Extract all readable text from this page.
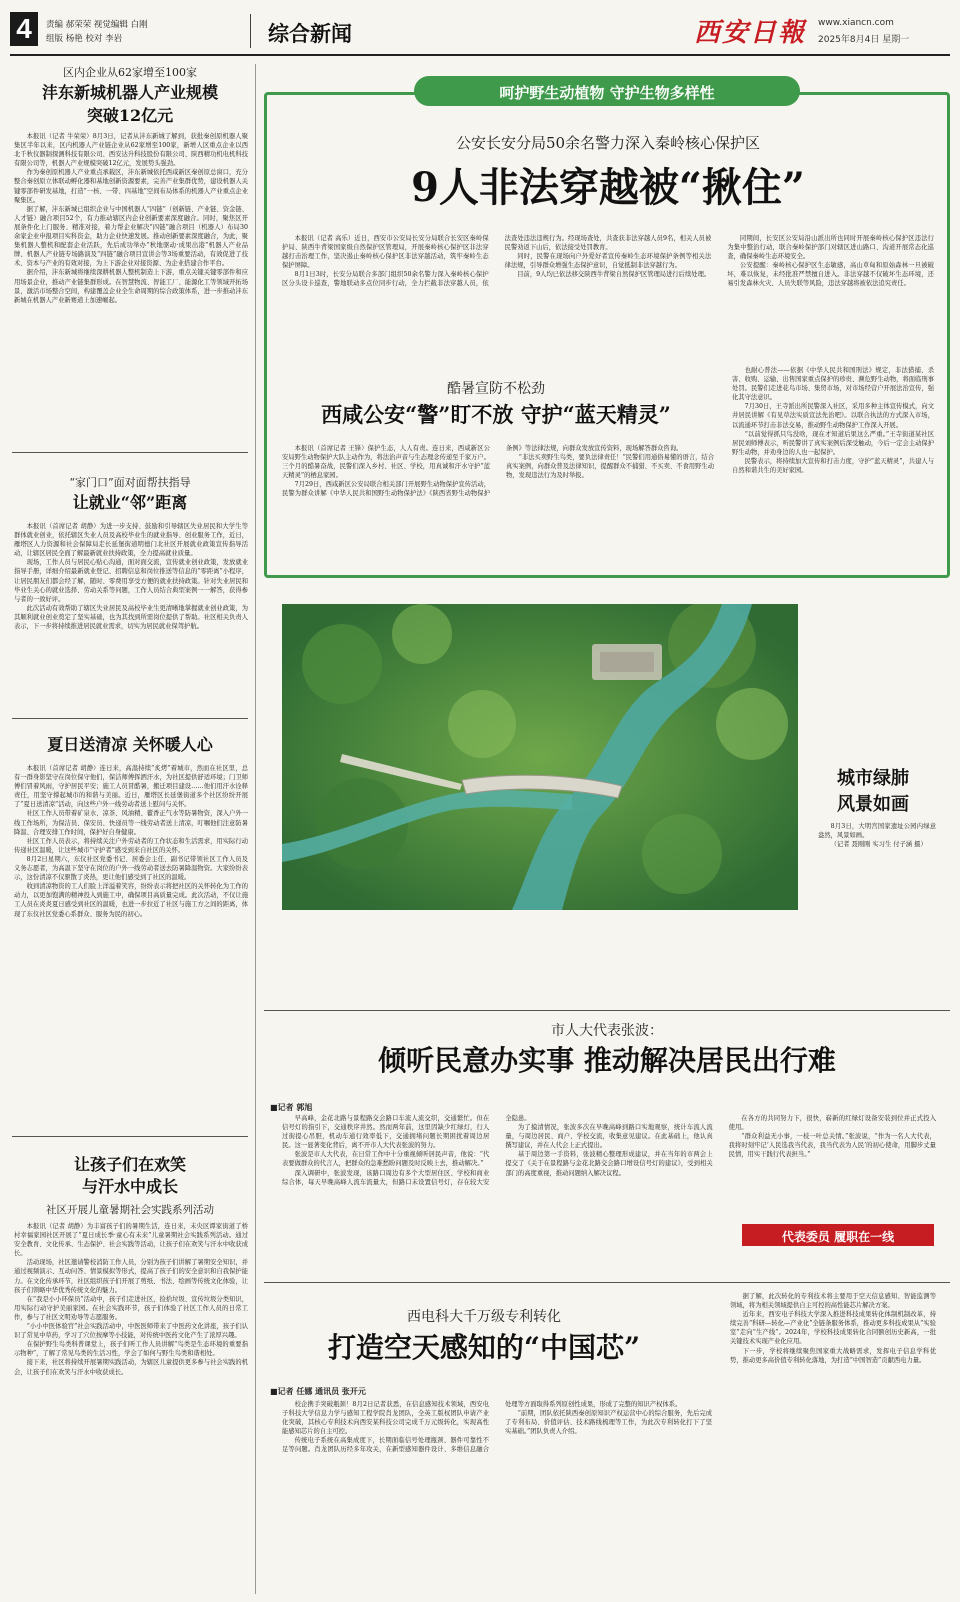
4	责编 郝荣荣 视觉编辑 白刚
组版 杨艳 校对 李岩	综合新闻	西安日報 www.xiancn.com
2025年8月4日 星期一
区内企业从62家增至100家
沣东新城机器人产业规模
突破12亿元

本报讯（记者 牛荣荣）8月3日，记者从沣东新城了解到，获批秦创原机器人聚集区半年以来，区内机器人产业链企业从62家增至100家，新增人区重点企业以西北千秋仪器制探测科技有限公司、西安达升科技股份有限公司、陕西精功机电机科技有限公司等，机器人产业规模突破12亿元，发展势头强劲。

作为秦创原机器人产业重点承载区，沣东新城依托西咸新区秦创原总窗口，充分整合秦创原立体联动孵化器和基地创新资源要素，完善产业集群优势，建设机器人关键零部件研发基地，打造“一核、一带、四基地”空间布局体系的机器人产业重点企业聚集区。

据了解，沣东新城已组织企业与中国机器人“四链”（创新链、产业链、资金链、人才链）融合项目52个，有力推动辖区内企业创新要素深度融合。同时，聚焦区开展条件化上门服务、精准对接，着力帮企业解决“四链”融合项目（机器人）布局30余家企业申报项目实科资金，助力企业快速发展。推动创新要素深度融合，为此，聚集机器人整机和配套企业活跃，先后成功举办“秋地驱动·成果出港”机器人产业品牌、机器人产业链专场路演及“四链”融合项目宣讲会等3场重要活动，有效促进了技术、资本与产业的有效对接，为上下游企业对接资源、为企业搭建合作平台。

据介绍，沣东新城将继续深耕机器人整机制造上下游，重点关键关键零部件和应用场景企业，推动产业链集群形成。在智慧物流、智能工厂、能源化工等领域开拓场景，激活市场整合空间，构建覆盖企业全生命周期的综合政策体系，进一步推动沣东新城在机器人产业新赛道上加速崛起。

“家门口”面对面帮扶指导
让就业“邻”距离

本报讯（首席记者 胡静）为进一步支持、鼓励和引导辖区失业居民和大学生等群体就业创业，依托辖区失业人员及高校毕业生的就业指导、创业服务工作，近日，雁塔区人力资源和社会保障局走长延堡街道明德门北社区开展就业政策宣传指导活动，让辖区居民全面了解最新就业扶持政策，全力提高就业质量。

现场，工作人员与居民心贴心沟通，面对面交流，宣传就业创业政策，发放就业指导手册，详细介绍最新就业登记、招聘信息和岗位推送等信息的“零距离”小程序，让居民朋友们都会经了解，随时、零费用享受方便的就业扶持政策。针对失业居民和毕业生关心的就业选择、劳动关系等问题，工作人员结合典型案例一一解答，获得参与者的一致好评。

此次活动有效帮助了辖区失业居民及高校毕业生更清晰地掌握就业创业政策，为其顺利就业创业奠定了坚实基础，也为其找到所需岗位提供了帮助。社区相关负责人表示，下一步将持续推进居民就业需求，切实为居民就业保驾护航。

夏日送清凉 关怀暖人心

本报讯（首席记者 胡静）连日来，高温持续“炙烤”着城市，然而在社区里，总有一群身影坚守在岗位保守他们，保洁师傅挥洒汗水，为社区提供舒适环境；门卫师傅们冒着风雨，守护居民平安；施工人员冒酷暑，搬迁项目建设……他们用汗水诠释责任，用坚守撑起城市的和谐与美丽。近日，雁塔区长延堡街道多个社区纷纷开展了“夏日送清凉”活动，向这些户外一线劳动者送上慰问与关怀。

社区工作人员带着矿泉水、凉茶、风油精、藿香正气水等防暑物资，深入户外一线工作场所，为保洁员、保安员、快递员等一线劳动者送上清凉，叮嘱他们注意防暑降温、合理安排工作时间，保护好自身健康。

社区工作人员表示，将持续关注户外劳动者的工作状态和生活需求，用实际行动传递社区温暖，让这些城市“守护者”感受到来自社区的关怀。

8月2日星期六，东仪社区党委书记、居委会主任、副书记带领社区工作人员及义务志愿者，为高温下坚守在岗位的户外一线劳动者送去防暑降温物资。大家纷纷表示，这份清凉不仅驱散了炎热，更让他们感受到了社区的温暖。

收到清凉物资的工人们脸上洋溢着笑容，纷纷表示将把社区的关怀转化为工作的动力，以更加饱满的精神投入到施工中，确保项目高质量完成。此次活动，不仅让施工人员在炎炎夏日感受到社区的温暖，也进一步拉近了社区与施工方之间的距离，体现了东仪社区党委心系群众、服务为民的初心。

让孩子们在欢笑
与汗水中成长
社区开展儿童暑期社会实践系列活动

本报讯（记者 胡静）为丰富孩子们的暑期生活，连日来，未央区谭家街道了桥村幸福家园社区开展了“夏日成长季·童心有未来”儿童暑期社会实践系列活动。通过安全教育、文化传承、生态保护、社会实践等活动，让孩子们在欢笑与汗水中收获成长。

活动现场，社区邀请警校消防工作人员，分别为孩子们讲解了暑期安全知识，并通过视频演示、互动问答、情景模拟等形式，提高了孩子们的安全意识和自我保护能力。在文化传承环节，社区组织孩子们开展了剪纸、书法、绘画等传统文化体验，让孩子们领略中华优秀传统文化的魅力。

在“我是小小环保员”活动中，孩子们走进社区，捡拾垃圾、宣传垃圾分类知识，用实际行动守护美丽家园。在社会实践环节，孩子们体验了社区工作人员的日常工作，参与了社区文明劝导等志愿服务。

“小小中医体验官”社会实践活动中，中医医师带来了中医药文化讲座，孩子们认识了常见中草药，学习了穴位按摩等小技能，对传统中医药文化产生了浓厚兴趣。

在保护野生鸟类科普课堂上，孩子们听工作人员讲解“鸟类是生态环境的重要指示物种”，了解了常见鸟类的生活习性，学会了如何与野生鸟类和谐相处。

接下来，社区将持续开展暑期实践活动，为辖区儿童提供更多参与社会实践的机会，让孩子们在欢笑与汗水中收获成长。

呵护野生动植物 守护生物多样性
公安长安分局50余名警力深入秦岭核心保护区
9人非法穿越被“揪住”

本报讯（记者 高乐）近日，西安市公安局长安分局联合长安区秦岭保护局、陕西牛背梁国家级自然保护区管理局，开展秦岭核心保护区非法穿越打击治理工作，坚决遏止秦岭核心保护区非法穿越活动，筑牢秦岭生态保护屏障。

8月1日3时，长安分局联合多部门组织50余名警力深入秦岭核心保护区分头设卡巡查，警地联动多点位同步行动，全力拦截非法穿越人员，依法查处违法违规行为。经现场查处，共查获非法穿越人员9名，相关人员被民警劝返下山后，依法接受处罚教育。

同时，民警在现场向户外爱好者宣传秦岭生态环境保护条例等相关法律法规，引导群众增强生态保护意识，自觉抵制非法穿越行为。

目前，9人均已依法移交陕西牛背梁自然保护区管理局进行后续处理。

同期间，长安区公安局沿山派出所也同时开展秦岭核心保护区违法行为集中整治行动，联合秦岭保护部门对辖区进山路口、沟道开展常态化巡查，确保秦岭生态环境安全。

公安提醒：秦岭核心保护区生态敏感，高山草甸和原始森林一旦被破坏，难以恢复，未经批准严禁擅自进入。非法穿越不仅破坏生态环境，还易引发森林火灾、人员失联等风险，违法穿越将被依法追究责任。

酷暑宣防不松劲
西咸公安“警”盯不放 守护“蓝天精灵”

本报讯（首席记者 王锋）保护生态，人人有责。连日来，西咸新区公安局野生动物保护大队主动作为，将法治声音与生态理念传递至千家万户。三个月的酷暑奋战，民警们深入乡村、社区、学校，用真诚和汗水守护“蓝天精灵”的栖息家园。

7月29日，西咸新区公安局联合相关部门开展野生动物保护宣传活动，民警为群众讲解《中华人民共和国野生动物保护法》《陕西省野生动物保护条例》等法律法规，向群众发放宣传资料，现场解答群众咨询。

“非法买卖野生鸟类，要负法律责任！”民警们用通俗易懂的语言，结合真实案例，向群众普及法律知识，提醒群众不捕猎、不买卖、不食用野生动物，发现违法行为及时举报。

也耐心普法——依据《中华人民共和国刑法》规定，非法猎捕、杀害、收购、运输、出售国家重点保护的珍贵、濒危野生动物，将面临刑事处罚。民警们走进花鸟市场、集贸市场，对市场经营户开展法治宣传，强化其守法意识。

7月30日，王寺派出所民警深入社区，采用多种主体宣传模式，向文井居民讲解《有见草法实质宣法先治吧》。以联合执法的方式深入市场，以流通环节打击非法交易，推动野生动物保护工作深入开展。

“以前觉得抓只鸟没啥，现在才知道后果这么严重。”王寺街道某社区居民刘师傅表示，听民警讲了真实案例后深受触动，今后一定会主动保护野生动物，并劝身边的人也一起保护。

民警表示，将持续加大宣传和打击力度，守护“蓝天精灵”，共建人与自然和谐共生的美好家园。

城市绿肺
风景如画

8月3日，大明宫国家遗址公园内绿意盎然，风景如画。

（记者 聂刚刚 实习生 付子涵 摄）

市人大代表张波：
倾听民意办实事 推动解决居民出行难
■记者 郭旭

早高峰，金花北路与景程路交会路口车流人流交织，交通繁忙。但在信号灯的指引下，交通秩序井然。然而两年前，这里因缺少红绿灯，行人过街提心吊胆，机动车通行效率低下，交通拥堵问题长期困扰着周边居民。这一显著变化背后，离不开市人大代表张波的努力。

张波是市人大代表，在日常工作中十分重视倾听居民声音，他说：“代表要做群众的代言人，把群众的急难愁盼问题及时反映上去，推动解决。”

深入调研中，张波发现，该路口周边有多个大型居住区、学校和商业综合体，每天早晚高峰人流车流量大，但路口未设置信号灯，存在较大安全隐患。

为了摸清情况，张波多次在早晚高峰到路口实地观察，统计车流人流量，与周边居民、商户、学校交流，收集意见建议。在此基础上，他认真撰写建议，并在人代会上正式提出。

基于周边第一手资料，张波精心整理形成建议，并在当年的市两会上提交了《关于在景程路与金花北路交会路口增设信号灯的建议》，受到相关部门的高度重视，推动问题纳入解决议程。

在各方的共同努力下，很快，崭新的红绿灯设备安装到位并正式投入使用。

“群众利益无小事，一枝一叶总关情。”张波说，“作为一名人大代表，我将时刻牢记‘人民选我当代表，我当代表为人民’的初心使命，用脚步丈量民情，用实干践行代表担当。”

代表委员 履职在一线
西电科大千万级专利转化
打造空天感知的“中国芯”
■记者 任娜 通讯员 张开元

校企携手突破瓶颈！8月2日记者获悉，在信息感知技术领域，西安电子科技大学信息力学与感知工程学院肖龙团队，全英工版权团队申请产业化突破，其核心专利技术向西安某科技公司完成千万元级转化，实现高性能感知芯片的自主可控。

传统电子系统在高集成度下，长期面临信号处理瓶颈、器件可靠性不足等问题。肖龙团队历经多年攻关，在新型感知器件设计、多维信息融合处理等方面取得系列原创性成果，形成了完整的知识产权体系。

“前期，团队依托陕西秦创原知识产权运营中心的综合服务，先后完成了专利布局、价值评估、技术路线梳理等工作，为此次专利转化打下了坚实基础。”团队负责人介绍。

据了解，此次转化的专利技术将主要用于空天信息感知、智能监测等领域，将为相关领域提供自主可控的高性能芯片解决方案。

近年来，西安电子科技大学深入推进科技成果转化体制机制改革，持续完善“科研—转化—产业化”全链条服务体系，推动更多科技成果从“实验室”走向“生产线”。2024年，学校科技成果转化合同额创历史新高，一批关键技术实现产业化应用。

下一步，学校将继续聚焦国家重大战略需求，发挥电子信息学科优势，推动更多高价值专利转化落地，为打造“中国智造”贡献西电力量。
